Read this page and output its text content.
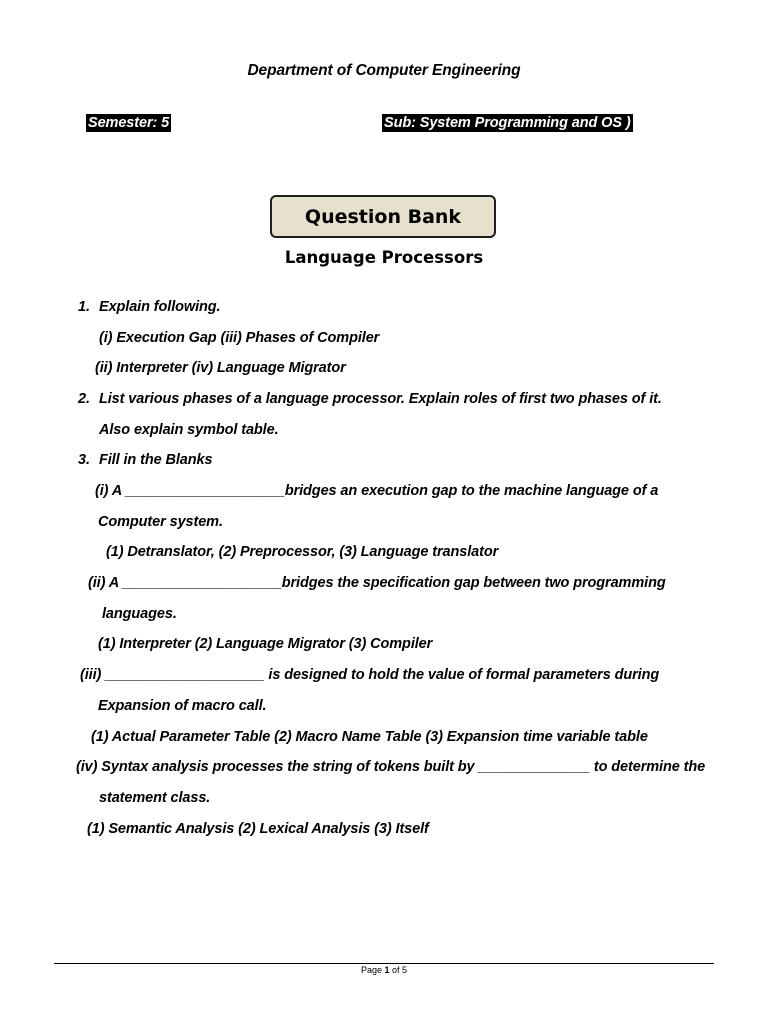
Department of Computer Engineering
Semester: 5	Sub: System Programming and OS )
Question Bank
Language Processors
1. Explain following.
(i) Execution Gap (iii) Phases of Compiler
(ii) Interpreter (iv) Language Migrator
2. List various phases of a language processor. Explain roles of first two phases of it.
Also explain symbol table.
3. Fill in the Blanks
(i) A ____________________bridges an execution gap to the machine language of a
Computer system.
(1) Detranslator, (2) Preprocessor, (3) Language translator
(ii) A ____________________bridges the specification gap between two programming
languages.
(1) Interpreter (2) Language Migrator (3) Compiler
(iii) ____________________ is designed to hold the value of formal parameters during
Expansion of macro call.
(1) Actual Parameter Table (2) Macro Name Table (3) Expansion time variable table
(iv) Syntax analysis processes the string of tokens built by ______________ to determine the
statement class.
(1) Semantic Analysis (2) Lexical Analysis (3) Itself
Page 1 of 5
